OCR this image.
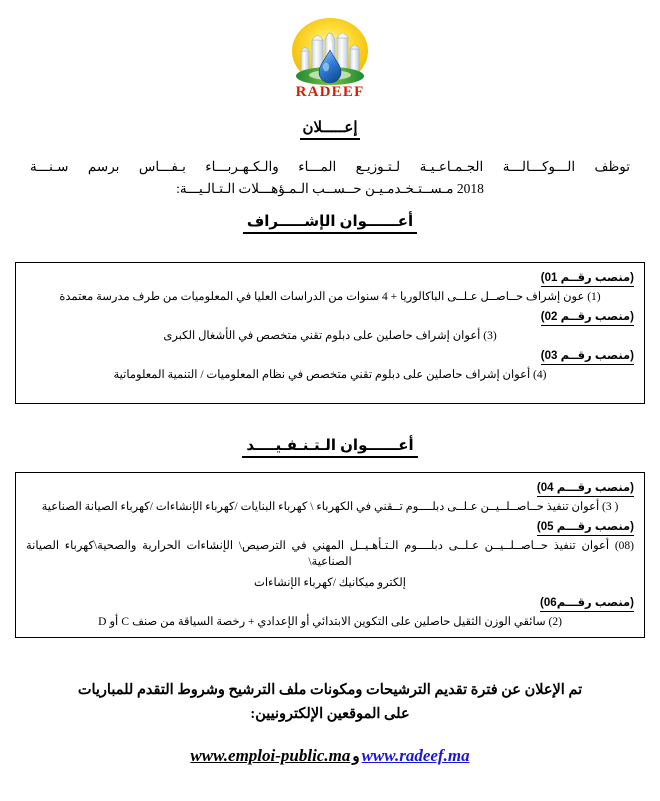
RADEEF
إعـــــلان
توظف الـــوكـــالـــة الجـمـاعـيـة لـتـوزيـع المـــاء والـكـهـربـــاء بـفـــاس برسم سـنـــة
2018 مـســتـخـدمـيـن حــســب الـمـؤهـــلات الـتـالـيـــة:
أعــــــوان الإشـــــراف
(منصب رقــم 01)
(1) عون إشراف حــاصــل عـلــى الباكالوريا + 4 سنوات من الدراسات العليا في المعلوميات من طرف مدرسة معتمدة
(منصب رقــم 02)
(3) أعوان إشراف حاصلين على دبلوم تقني متخصص في الأشغال الكبرى
(منصب رقــم 03)
(4) أعوان إشراف حاصلين على دبلوم تقني متخصص في نظام المعلوميات / التنمية المعلوماتية
أعــــــوان الـتـنـفـيــــد
(منصب رقـــم 04)
( 3) أعوان تنفيذ حــاصــلــيــن عـلــى دبلــــوم تــقني في الكهرباء \ كهرباء البنايات /كهرباء الإنشاءات /كهرباء الصيانة الصناعية
(منصب رقـــم 05)
(08) أعوان تنفيذ حــاصــلــيــن عـلــى دبلــــوم الـتـأهـيــل المهني في الترصيص\ الإنشاءات الحرارية والصحية\كهرباء الصيانة الصناعية\
إلكترو ميكانيك /كهرباء الإنشاءات
(منصب رقـــم06)
(2) سائقي الوزن الثقيل حاصلين على التكوين الابتدائي أو الإعدادي + رخصة السياقة من صنف C أو D
تم الإعلان عن فترة تقديم الترشيحات ومكونات ملف الترشيح وشروط التقدم للمباريات
على الموقعين الإلكترونيين:
www.radeef.maوwww.emploi-public.ma
